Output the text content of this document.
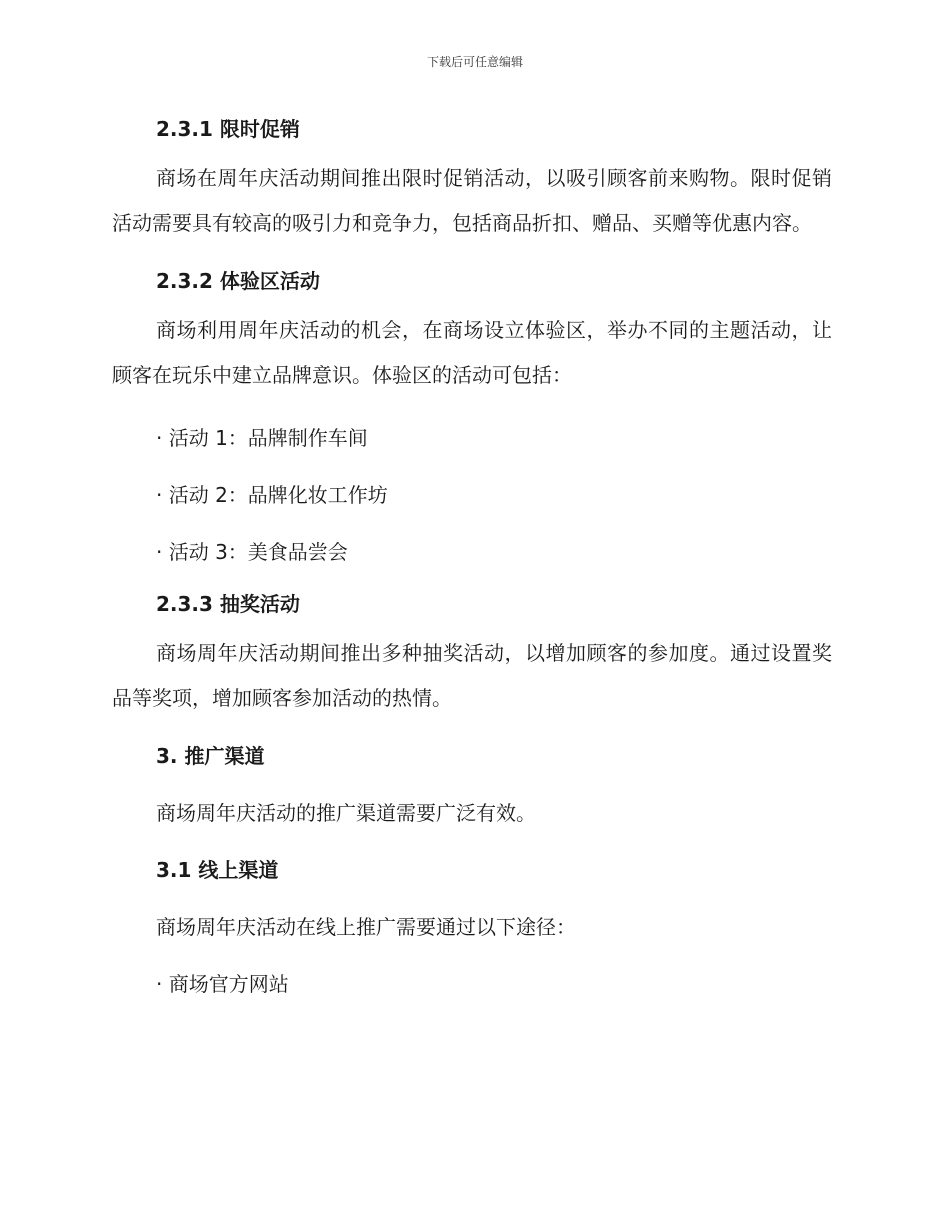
下载后可任意编辑
2.3.1 限时促销

商场在周年庆活动期间推出限时促销活动，以吸引顾客前来购物。限时促销活动需要具有较高的吸引力和竞争力，包括商品折扣、赠品、买赠等优惠内容。

2.3.2 体验区活动

商场利用周年庆活动的机会，在商场设立体验区，举办不同的主题活动，让顾客在玩乐中建立品牌意识。体验区的活动可包括：

· 活动 1：品牌制作车间

· 活动 2：品牌化妆工作坊

· 活动 3：美食品尝会

2.3.3 抽奖活动

商场周年庆活动期间推出多种抽奖活动，以增加顾客的参加度。通过设置奖品等奖项，增加顾客参加活动的热情。

3. 推广渠道

商场周年庆活动的推广渠道需要广泛有效。

3.1 线上渠道

商场周年庆活动在线上推广需要通过以下途径：

· 商场官方网站
